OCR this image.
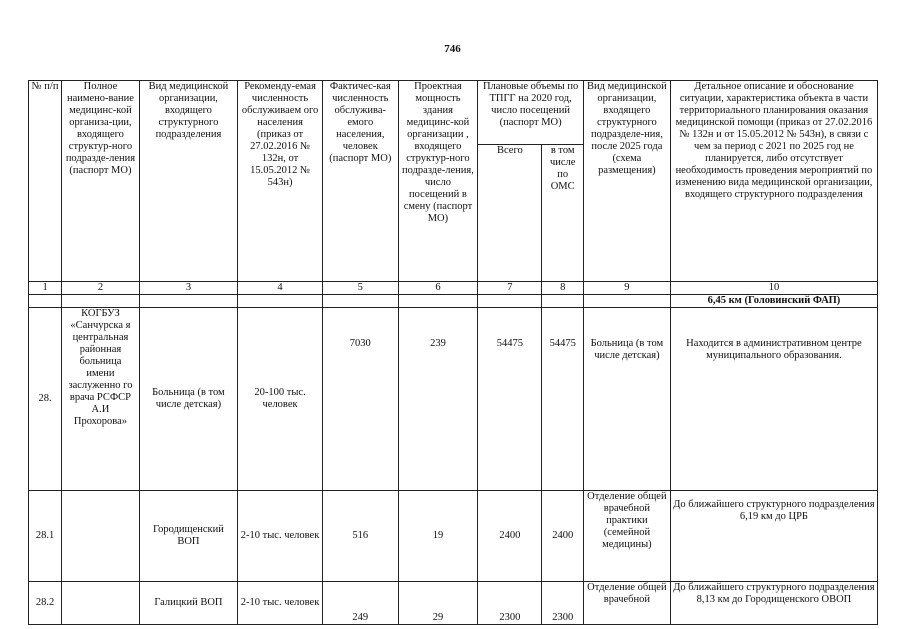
746
№ п/п	Полное наимено-вание медицинс-кой организа-ции, входящего структур-ного подразде-ления (паспорт МО)	Вид медицинской организации, входящего структурного подразделения	Рекоменду-емая численность обслуживаем ого населения (приказ от 27.02.2016 № 132н, от 15.05.2012 № 543н)	Фактичес-кая численность обслужива-емого населения, человек (паспорт МО)	Проектная мощность здания медицинс-кой организации , входящего структур-ного подразде-ления, число посещений в смену (паспорт МО)	Плановые объемы по ТПГГ на 2020 год, число посещений (паспорт МО)		Вид медицинской организации, входящего структурного подразделе-ния, после 2025 года (схема размещения)	Детальное описание и обоснование ситуации, характеристика объекта в части территориального планирования оказания медицинской помощи (приказ от 27.02.2016 № 132н и от 15.05.2012 № 543н), в связи с чем за период с 2021 по 2025 год не планируется, либо отсутствует необходимость проведения мероприятий по изменению вида медицинской организации, входящего структурного подразделения
						Всего	в том числе по ОМС		
1	2	3	4	5	6	7	8	9	10
									6,45 км (Головинский ФАП)
28.	КОГБУЗ «Санчурска я центральная районная больница имени заслуженно го врача РСФСР А.И Прохорова»	Больница (в том числе детская)	20-100 тыс. человек	7030	239	54475	54475	Больница (в том числе детская)	Находится в административном центре муниципального образования.
28.1		Городищенский ВОП	2-10 тыс. человек	516	19	2400	2400	Отделение общей врачебной практики (семейной медицины)	До ближайшего структурного подразделения 6,19 км до ЦРБ
28.2		Галицкий ВОП	2-10 тыс. человек	249	29	2300	2300	Отделение общей врачебной	До ближайшего структурного подразделения 8,13 км до Городищенского ОВОП
